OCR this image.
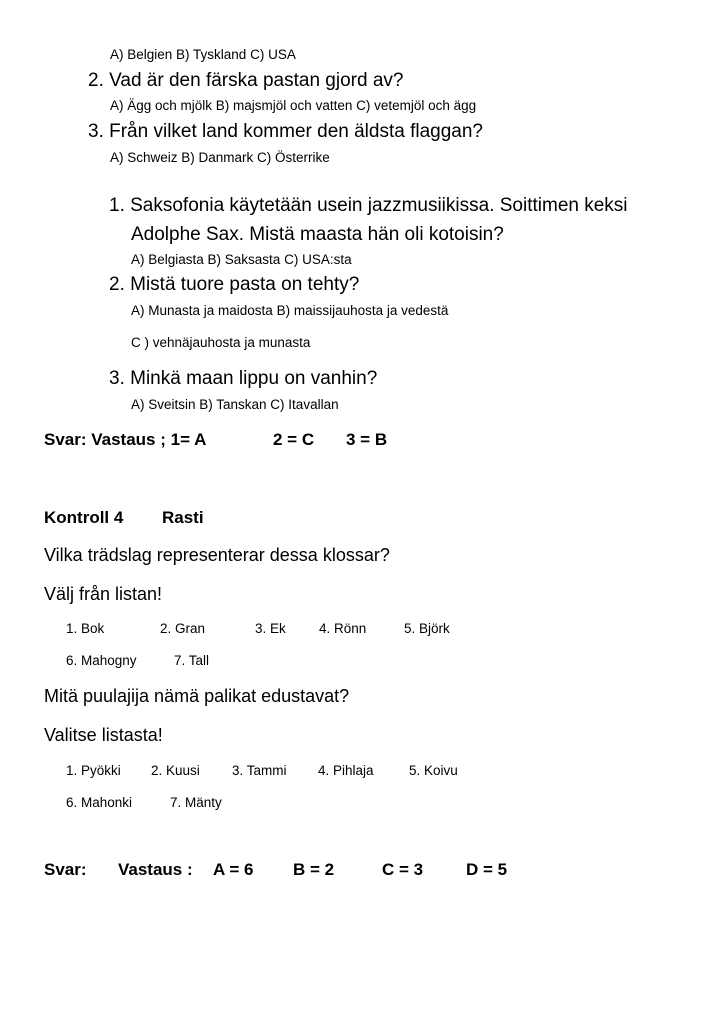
A) Belgien B) Tyskland C) USA
2. Vad är den färska pastan gjord av?
A) Ägg och mjölk B) majsmjöl och vatten C) vetemjöl och ägg
3. Från vilket land kommer den äldsta flaggan?
A) Schweiz B) Danmark C) Österrike
1. Saksofonia käytetään usein jazzmusiikissa. Soittimen keksi
Adolphe Sax. Mistä maasta hän oli kotoisin?
A) Belgiasta B) Saksasta C) USA:sta
2. Mistä tuore pasta on tehty?
A) Munasta ja maidosta B) maissijauhosta ja vedestä
C ) vehnäjauhosta ja munasta
3. Minkä maan lippu on vanhin?
A) Sveitsin B) Tanskan C) Itavallan
Svar: Vastaus ; 1= A	2 = C 3 = B
Kontroll 4 Rasti
Vilka trädslag representerar dessa klossar?
Välj från listan!
1. Bok	2. Gran	3. Ek 4. Rönn	5. Björk
6. Mahogny	7. Tall
Mitä puulajija nämä palikat edustavat?
Valitse listasta!
1. Pyökki 2. Kuusi 3. Tammi 4. Pihlaja	5. Koivu
6. Mahonki	7. Mänty
Svar: Vastaus : A = 6 B = 2	C = 3	D = 5
